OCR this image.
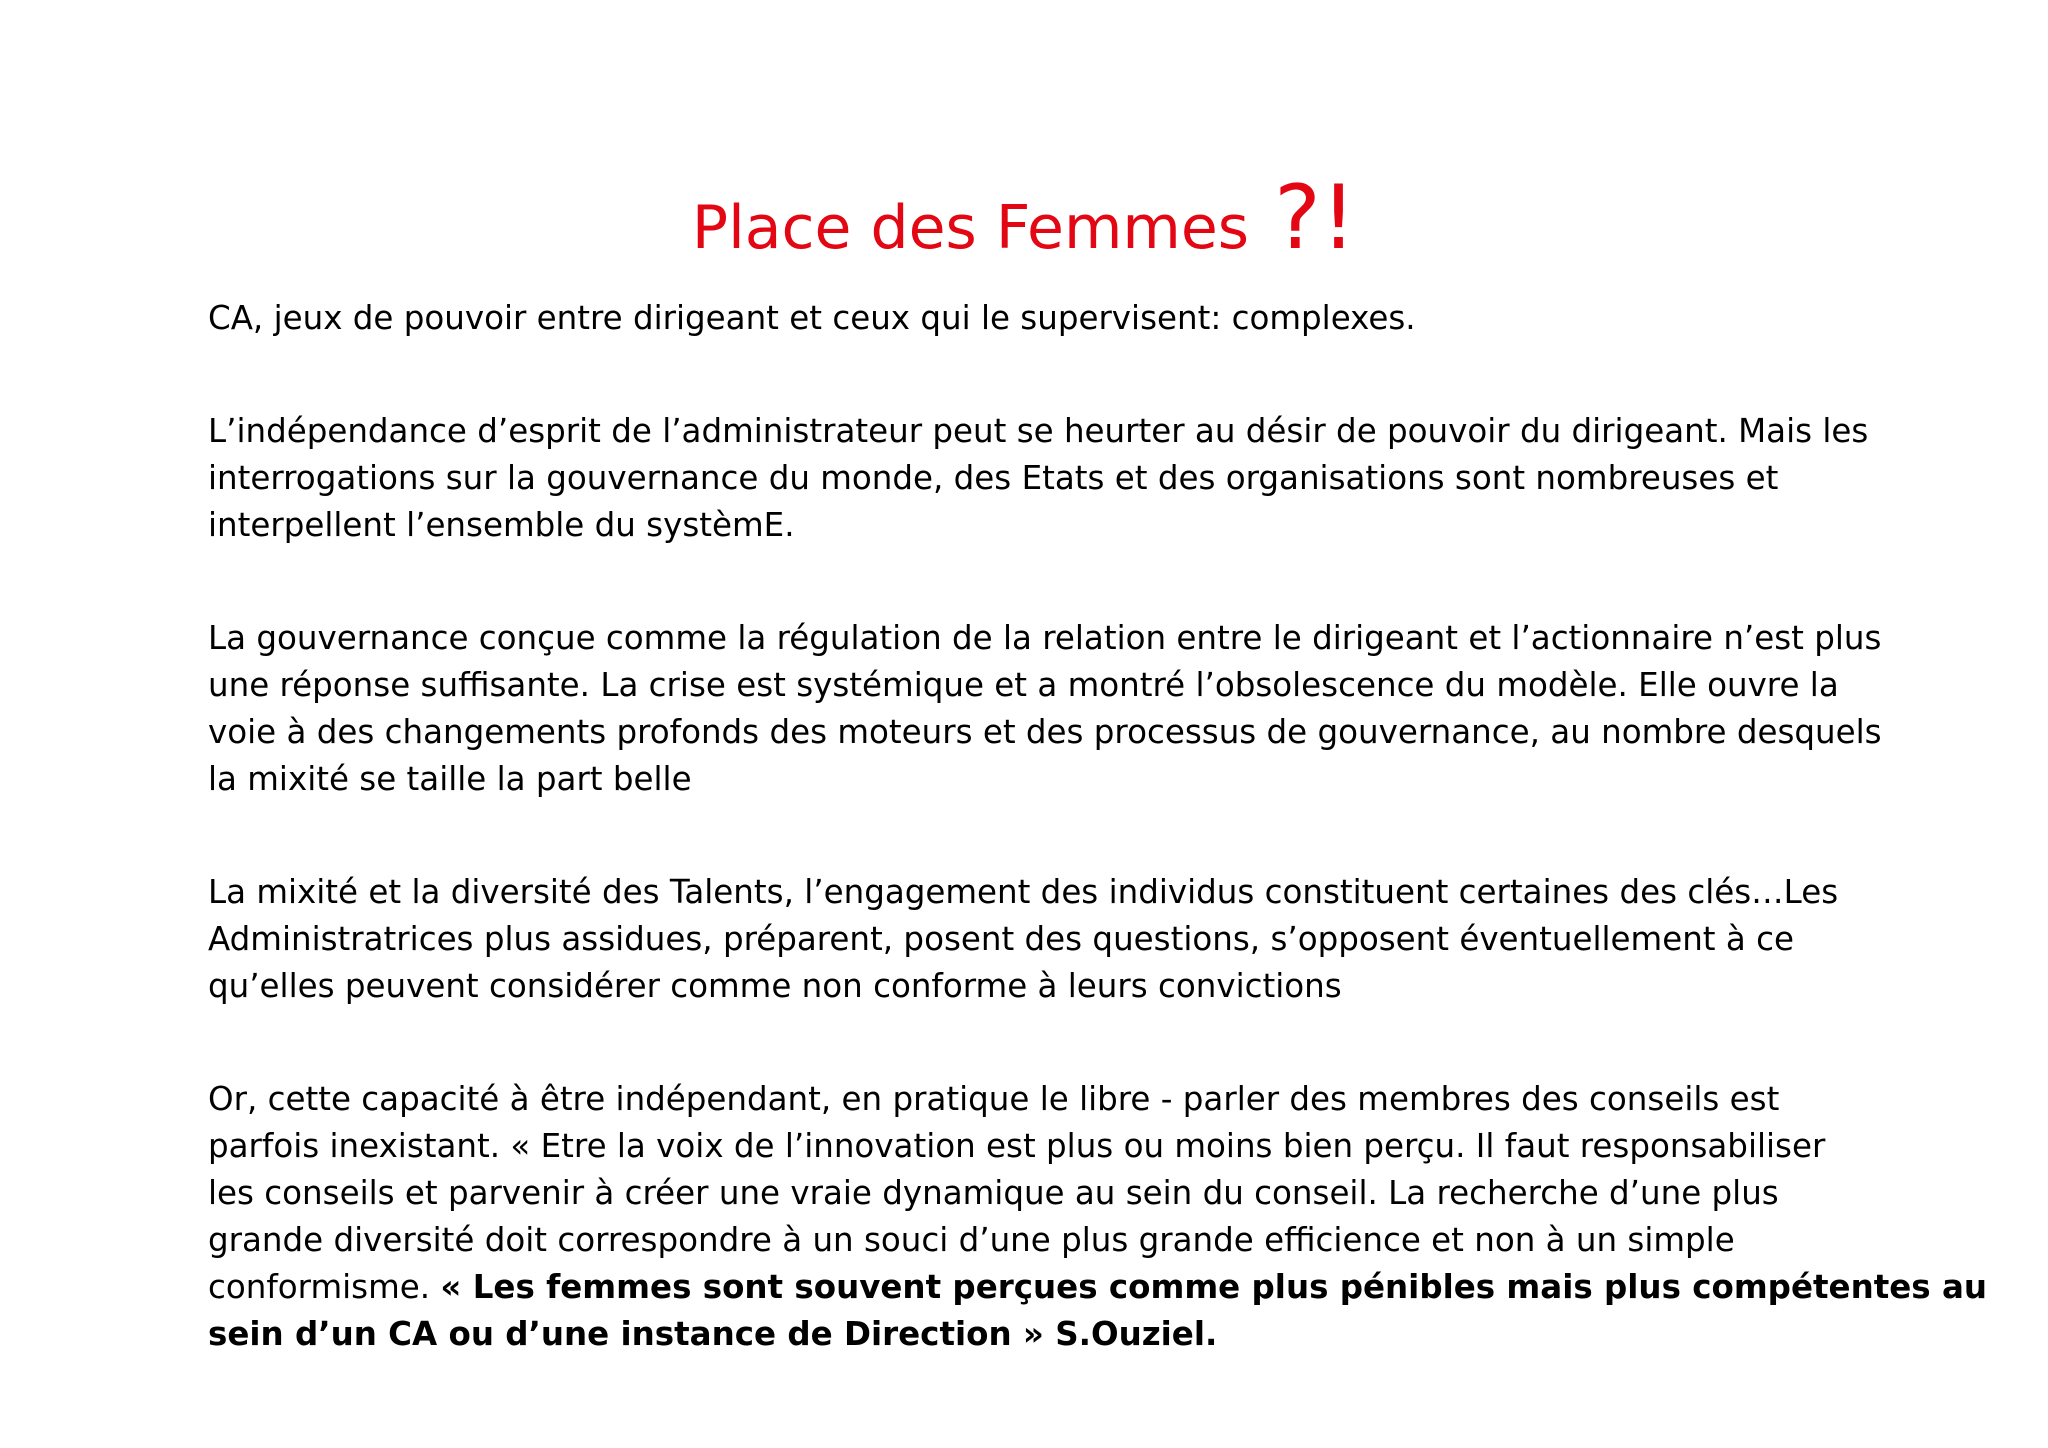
Place des Femmes ?!

CA, jeux de pouvoir entre dirigeant et ceux qui le supervisent: complexes.

L’indépendance d’esprit de l’administrateur peut se heurter au désir de pouvoir du dirigeant. Mais les
interrogations sur la gouvernance du monde, des Etats et des organisations sont nombreuses et
interpellent l’ensemble du systèmE.

La gouvernance conçue comme la régulation de la relation entre le dirigeant et l’actionnaire n’est plus
une réponse suffisante. La crise est systémique et a montré l’obsolescence du modèle. Elle ouvre la
voie à des changements profonds des moteurs et des processus de gouvernance, au nombre desquels
la mixité se taille la part belle

La mixité et la diversité des Talents, l’engagement des individus constituent certaines des clés…Les
Administratrices plus assidues, préparent, posent des questions, s’opposent éventuellement à ce
qu’elles peuvent considérer comme non conforme à leurs convictions

Or, cette capacité à être indépendant, en pratique le libre - parler des membres des conseils est
parfois inexistant. « Etre la voix de l’innovation est plus ou moins bien perçu. Il faut responsabiliser
les conseils et parvenir à créer une vraie dynamique au sein du conseil. La recherche d’une plus
grande diversité doit correspondre à un souci d’une plus grande efficience et non à un simple
conformisme. « Les femmes sont souvent perçues comme plus pénibles mais plus compétentes au
sein d’un CA ou d’une instance de Direction » S.Ouziel.
